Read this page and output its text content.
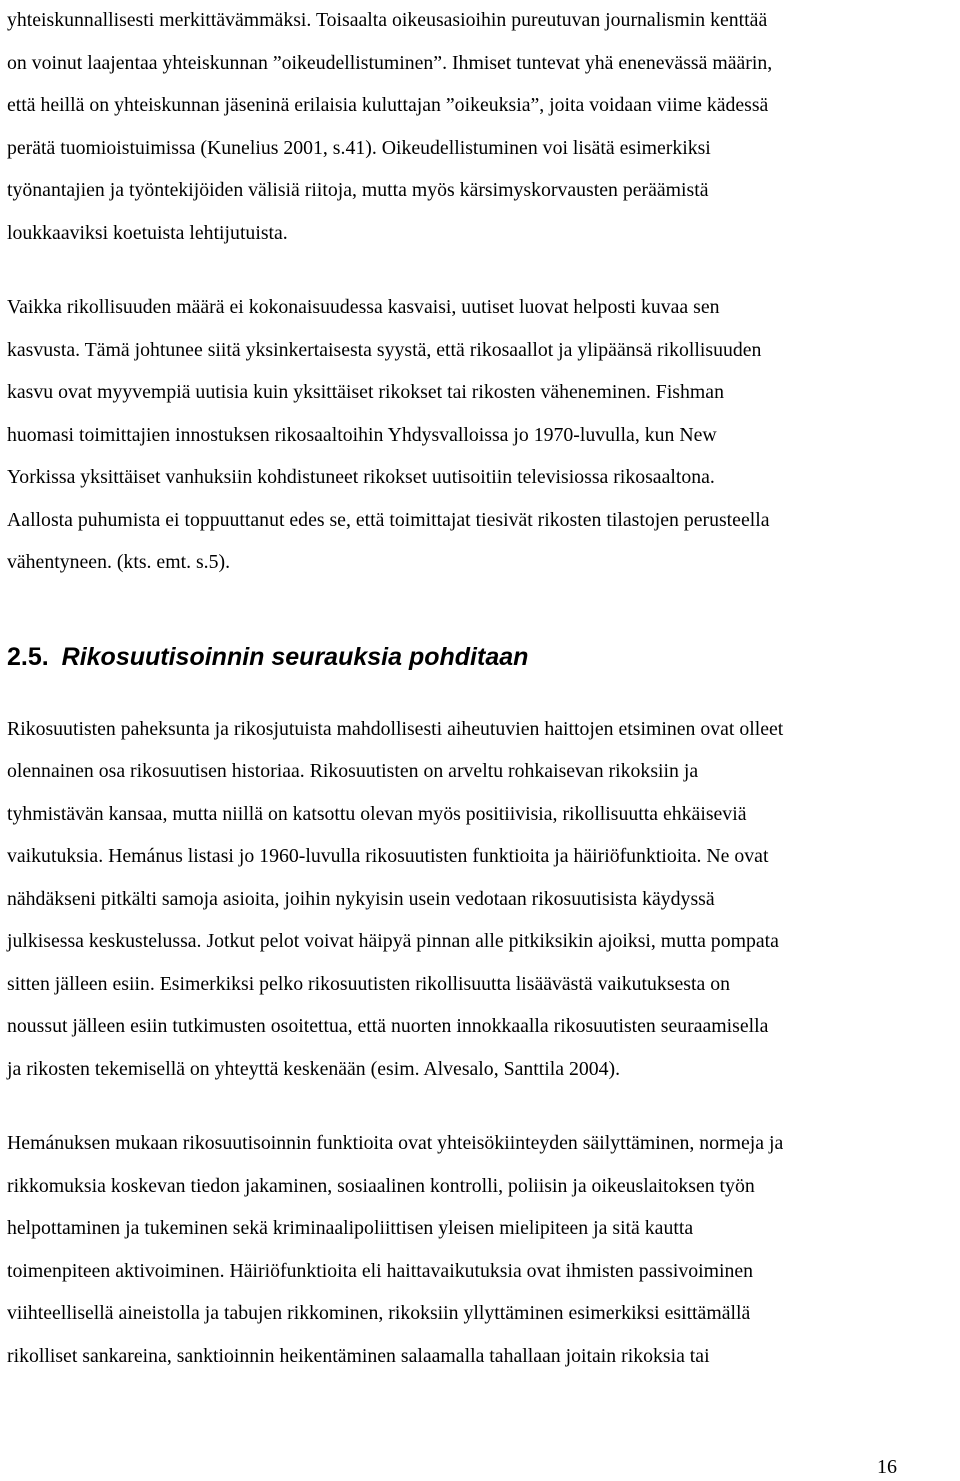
yhteiskunnallisesti merkittävämmäksi. Toisaalta oikeusasioihin pureutuvan journalismin kenttää
on voinut laajentaa yhteiskunnan ”oikeudellistuminen”. Ihmiset tuntevat yhä enenevässä määrin,
että heillä on yhteiskunnan jäseninä erilaisia kuluttajan ”oikeuksia”, joita voidaan viime kädessä
perätä tuomioistuimissa (Kunelius 2001, s.41). Oikeudellistuminen voi lisätä esimerkiksi
työnantajien ja työntekijöiden välisiä riitoja, mutta myös kärsimyskorvausten peräämistä
loukkaaviksi koetuista lehtijutuista.
Vaikka rikollisuuden määrä ei kokonaisuudessa kasvaisi, uutiset luovat helposti kuvaa sen
kasvusta. Tämä johtunee siitä yksinkertaisesta syystä, että rikosaallot ja ylipäänsä rikollisuuden
kasvu ovat myyvempiä uutisia kuin yksittäiset rikokset tai rikosten väheneminen. Fishman
huomasi toimittajien innostuksen rikosaaltoihin Yhdysvalloissa jo 1970-luvulla, kun New
Yorkissa yksittäiset vanhuksiin kohdistuneet rikokset uutisoitiin televisiossa rikosaaltona.
Aallosta puhumista ei toppuuttanut edes se, että toimittajat tiesivät rikosten tilastojen perusteella
vähentyneen. (kts. emt. s.5).
2.5. Rikosuutisoinnin seurauksia pohditaan
Rikosuutisten paheksunta ja rikosjutuista mahdollisesti aiheutuvien haittojen etsiminen ovat olleet
olennainen osa rikosuutisen historiaa. Rikosuutisten on arveltu rohkaisevan rikoksiin ja
tyhmistävän kansaa, mutta niillä on katsottu olevan myös positiivisia, rikollisuutta ehkäiseviä
vaikutuksia. Hemánus listasi jo 1960-luvulla rikosuutisten funktioita ja häiriöfunktioita. Ne ovat
nähdäkseni pitkälti samoja asioita, joihin nykyisin usein vedotaan rikosuutisista käydyssä
julkisessa keskustelussa. Jotkut pelot voivat häipyä pinnan alle pitkiksikin ajoiksi, mutta pompata
sitten jälleen esiin. Esimerkiksi pelko rikosuutisten rikollisuutta lisäävästä vaikutuksesta on
noussut jälleen esiin tutkimusten osoitettua, että nuorten innokkaalla rikosuutisten seuraamisella
ja rikosten tekemisellä on yhteyttä keskenään (esim. Alvesalo, Santtila 2004).
Hemánuksen mukaan rikosuutisoinnin funktioita ovat yhteisökiinteyden säilyttäminen, normeja ja
rikkomuksia koskevan tiedon jakaminen, sosiaalinen kontrolli, poliisin ja oikeuslaitoksen työn
helpottaminen ja tukeminen sekä kriminaalipoliittisen yleisen mielipiteen ja sitä kautta
toimenpiteen aktivoiminen. Häiriöfunktioita eli haittavaikutuksia ovat ihmisten passivoiminen
viihteellisellä aineistolla ja tabujen rikkominen, rikoksiin yllyttäminen esimerkiksi esittämällä
rikolliset sankareina, sanktioinnin heikentäminen salaamalla tahallaan joitain rikoksia tai
16
